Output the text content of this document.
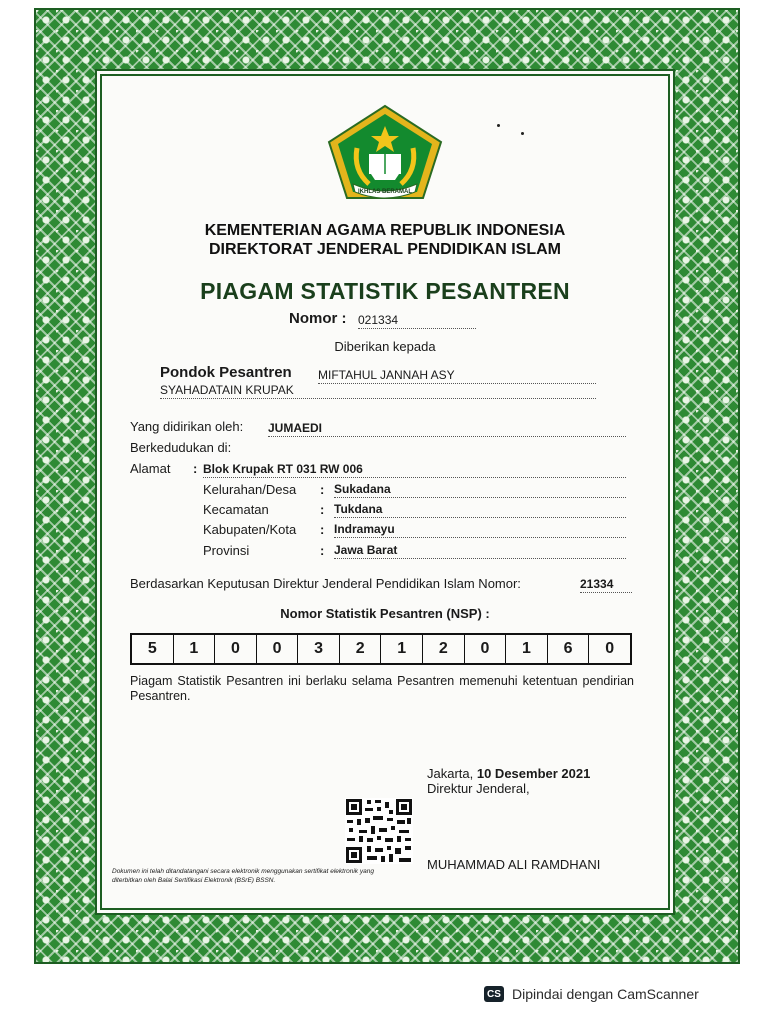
IKHLAS BERAMAL
KEMENTERIAN AGAMA REPUBLIK INDONESIA
DIREKTORAT JENDERAL PENDIDIKAN ISLAM
PIAGAM STATISTIK PESANTREN
Nomor : 021334
Diberikan kepada
Pondok Pesantren MIFTAHUL JANNAH ASY
SYAHADATAIN KRUPAK
Yang didirikan oleh: JUMAEDI
Berkedudukan di:
Alamat : Blok Krupak RT 031 RW 006
Kelurahan/Desa : Sukadana
Kecamatan	: Tukdana
Kabupaten/Kota : Indramayu
Provinsi	: Jawa Barat
Berdasarkan Keputusan Direktur Jenderal Pendidikan Islam Nomor:	21334
Nomor Statistik Pesantren (NSP) :
5	1	0	0	3	2	1	2	0	1	6	0
Piagam Statistik Pesantren ini berlaku selama Pesantren memenuhi ketentuan pendirian Pesantren.
Jakarta, 10 Desember 2021
Direktur Jenderal,
MUHAMMAD ALI RAMDHANI
Dokumen ini telah ditandatangani secara elektronik menggunakan sertifikat elektronik yang diterbitkan oleh Balai Sertifikasi Elektronik (BSrE) BSSN.
CS Dipindai dengan CamScanner
